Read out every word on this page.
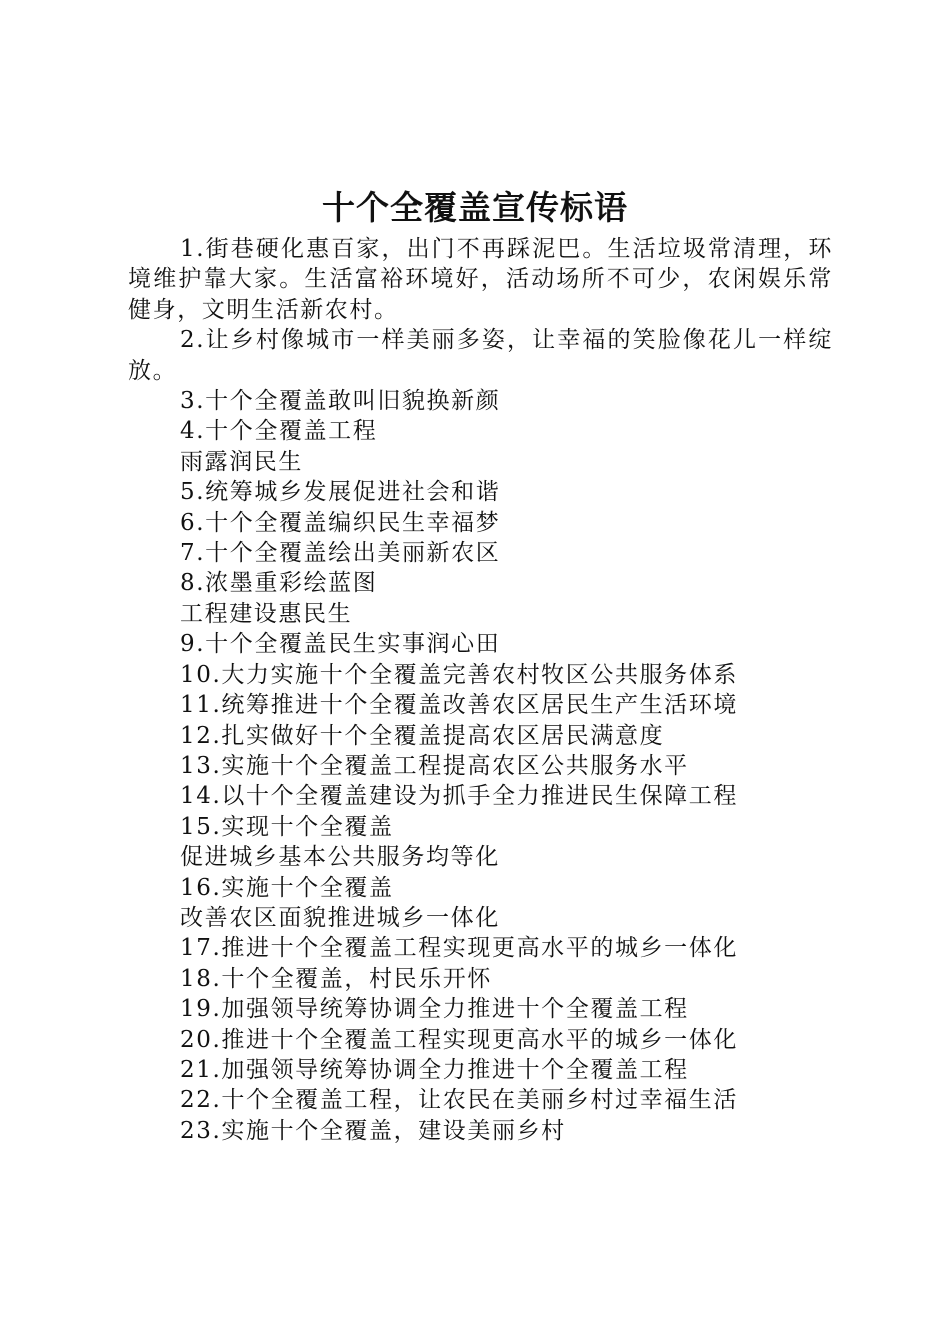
十个全覆盖宣传标语

1.街巷硬化惠百家，出门不再踩泥巴。生活垃圾常清理，环境维护靠大家。生活富裕环境好，活动场所不可少，农闲娱乐常健身，文明生活新农村。

2.让乡村像城市一样美丽多姿，让幸福的笑脸像花儿一样绽放。

3.十个全覆盖敢叫旧貌换新颜

4.十个全覆盖工程

雨露润民生

5.统筹城乡发展促进社会和谐

6.十个全覆盖编织民生幸福梦

7.十个全覆盖绘出美丽新农区

8.浓墨重彩绘蓝图

工程建设惠民生

9.十个全覆盖民生实事润心田

10.大力实施十个全覆盖完善农村牧区公共服务体系

11.统筹推进十个全覆盖改善农区居民生产生活环境

12.扎实做好十个全覆盖提高农区居民满意度

13.实施十个全覆盖工程提高农区公共服务水平

14.以十个全覆盖建设为抓手全力推进民生保障工程

15.实现十个全覆盖

促进城乡基本公共服务均等化

16.实施十个全覆盖

改善农区面貌推进城乡一体化

17.推进十个全覆盖工程实现更高水平的城乡一体化

18.十个全覆盖，村民乐开怀

19.加强领导统筹协调全力推进十个全覆盖工程

20.推进十个全覆盖工程实现更高水平的城乡一体化

21.加强领导统筹协调全力推进十个全覆盖工程

22.十个全覆盖工程，让农民在美丽乡村过幸福生活

23.实施十个全覆盖，建设美丽乡村
